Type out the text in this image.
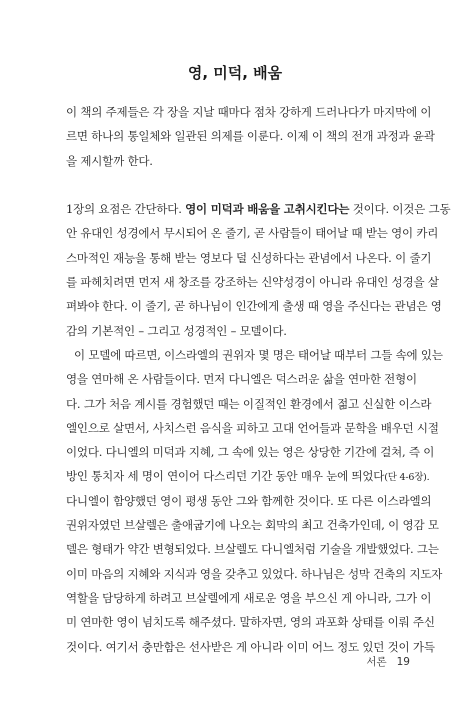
영, 미덕, 배움
이 책의 주제들은 각 장을 지날 때마다 점차 강하게 드러나다가 마지막에 이
르면 하나의 통일체와 일관된 의제를 이룬다. 이제 이 책의 전개 과정과 윤곽
을 제시할까 한다.
1장의 요점은 간단하다. 영이 미덕과 배움을 고취시킨다는 것이다. 이것은 그동
안 유대인 성경에서 무시되어 온 줄기, 곧 사람들이 태어날 때 받는 영이 카리
스마적인 재능을 통해 받는 영보다 덜 신성하다는 관념에서 나온다. 이 줄기
를 파헤치려면 먼저 새 창조를 강조하는 신약성경이 아니라 유대인 성경을 살
펴봐야 한다. 이 줄기, 곧 하나님이 인간에게 출생 때 영을 주신다는 관념은 영
감의 기본적인 – 그리고 성경적인 – 모델이다.
이 모델에 따르면, 이스라엘의 권위자 몇 명은 태어날 때부터 그들 속에 있는
영을 연마해 온 사람들이다. 먼저 다니엘은 덕스러운 삶을 연마한 전형이
다. 그가 처음 계시를 경험했던 때는 이질적인 환경에서 젊고 신실한 이스라
엘인으로 살면서, 사치스런 음식을 피하고 고대 언어들과 문학을 배우던 시절
이었다. 다니엘의 미덕과 지혜, 그 속에 있는 영은 상당한 기간에 걸쳐, 즉 이
방인 통치자 세 명이 연이어 다스리던 기간 동안 매우 눈에 띄었다(단 4-6장).
다니엘이 함양했던 영이 평생 동안 그와 함께한 것이다. 또 다른 이스라엘의
권위자였던 브살렐은 출애굽기에 나오는 회막의 최고 건축가인데, 이 영감 모
델은 형태가 약간 변형되었다. 브살렐도 다니엘처럼 기술을 개발했었다. 그는
이미 마음의 지혜와 지식과 영을 갖추고 있었다. 하나님은 성막 건축의 지도자
역할을 담당하게 하려고 브살렐에게 새로운 영을 부으신 게 아니라, 그가 이
미 연마한 영이 넘치도록 해주셨다. 말하자면, 영의 과포화 상태를 이뤄 주신
것이다. 여기서 충만함은 선사받은 게 아니라 이미 어느 정도 있던 것이 가득
서론 19
